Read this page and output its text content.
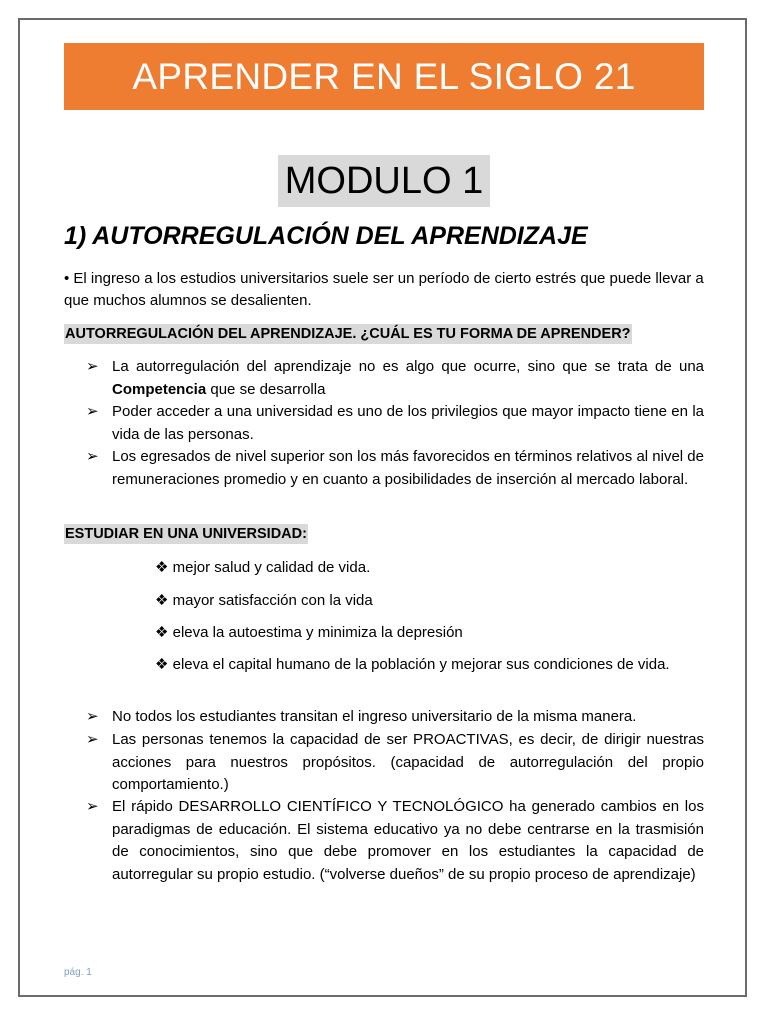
APRENDER EN EL SIGLO 21
MODULO 1
1) AUTORREGULACIÓN DEL APRENDIZAJE
• El ingreso a los estudios universitarios suele ser un período de cierto estrés que puede llevar a que muchos alumnos se desalienten.
AUTORREGULACIÓN DEL APRENDIZAJE. ¿CUÁL ES TU FORMA DE APRENDER?
➢ La autorregulación del aprendizaje no es algo que ocurre, sino que se trata de una Competencia que se desarrolla
➢ Poder acceder a una universidad es uno de los privilegios que mayor impacto tiene en la vida de las personas.
➢ Los egresados de nivel superior son los más favorecidos en términos relativos al nivel de remuneraciones promedio y en cuanto a posibilidades de inserción al mercado laboral.
ESTUDIAR EN UNA UNIVERSIDAD:
❖ mejor salud y calidad de vida.
❖ mayor satisfacción con la vida
❖ eleva la autoestima y minimiza la depresión
❖ eleva el capital humano de la población y mejorar sus condiciones de vida.
➢ No todos los estudiantes transitan el ingreso universitario de la misma manera.
➢ Las personas tenemos la capacidad de ser PROACTIVAS, es decir, de dirigir nuestras acciones para nuestros propósitos. (capacidad de autorregulación del propio comportamiento.)
➢ El rápido DESARROLLO CIENTÍFICO Y TECNOLÓGICO ha generado cambios en los paradigmas de educación. El sistema educativo ya no debe centrarse en la trasmisión de conocimientos, sino que debe promover en los estudiantes la capacidad de autorregular su propio estudio. (“volverse dueños” de su propio proceso de aprendizaje)
pág. 1
